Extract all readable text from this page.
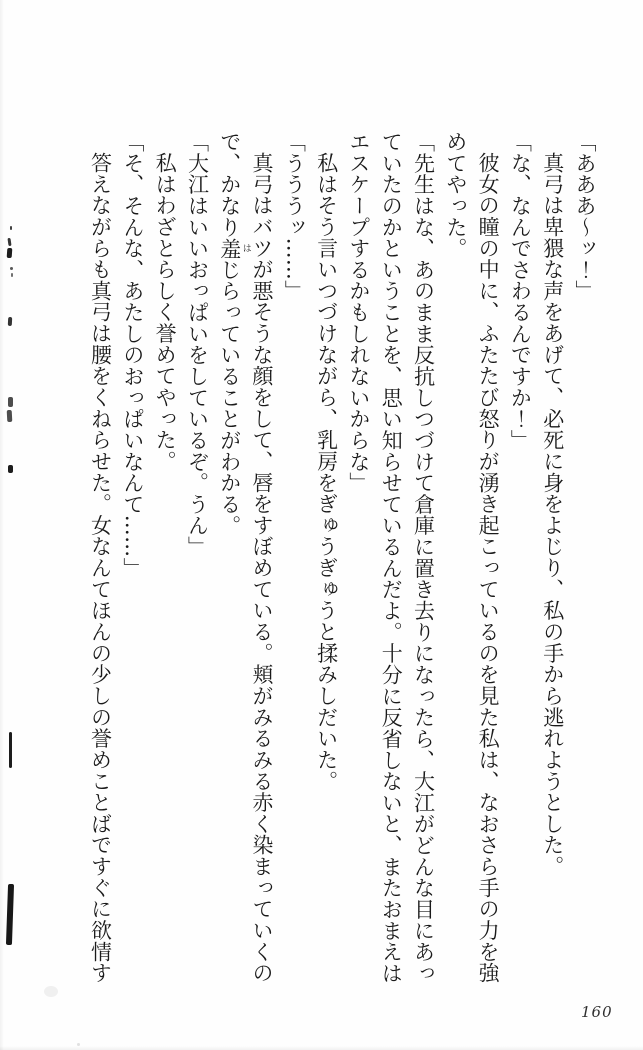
「あああ〜ッ！」

真弓は卑猥な声をあげて、必死に身をよじり、私の手から逃れようとした。

「な、なんでさわるんですか！」

彼女の瞳の中に、ふたたび怒りが湧き起こっているのを見た私は、なおさら手の力を強めてやった。

「先生はな、あのまま反抗しつづけて倉庫に置き去りになったら、大江がどんな目にあっていたのかということを、思い知らせているんだよ。十分に反省しないと、またおまえはエスケープするかもしれないからな」

私はそう言いつづけながら、乳房をぎゅうぎゅうと揉みしだいた。

「うううッ……」

真弓はバツが悪そうな顔をして、唇をすぼめている。頬がみるみる赤く染まっていくので、かなり羞 はじらっていることがわかる。

「大江はいいおっぱいをしているぞ。うん」

私はわざとらしく誉めてやった。

「そ、そんな、あたしのおっぱいなんて……」

答えながらも真弓は腰をくねらせた。女なんてほんの少しの誉めことばですぐに欲情す

160
